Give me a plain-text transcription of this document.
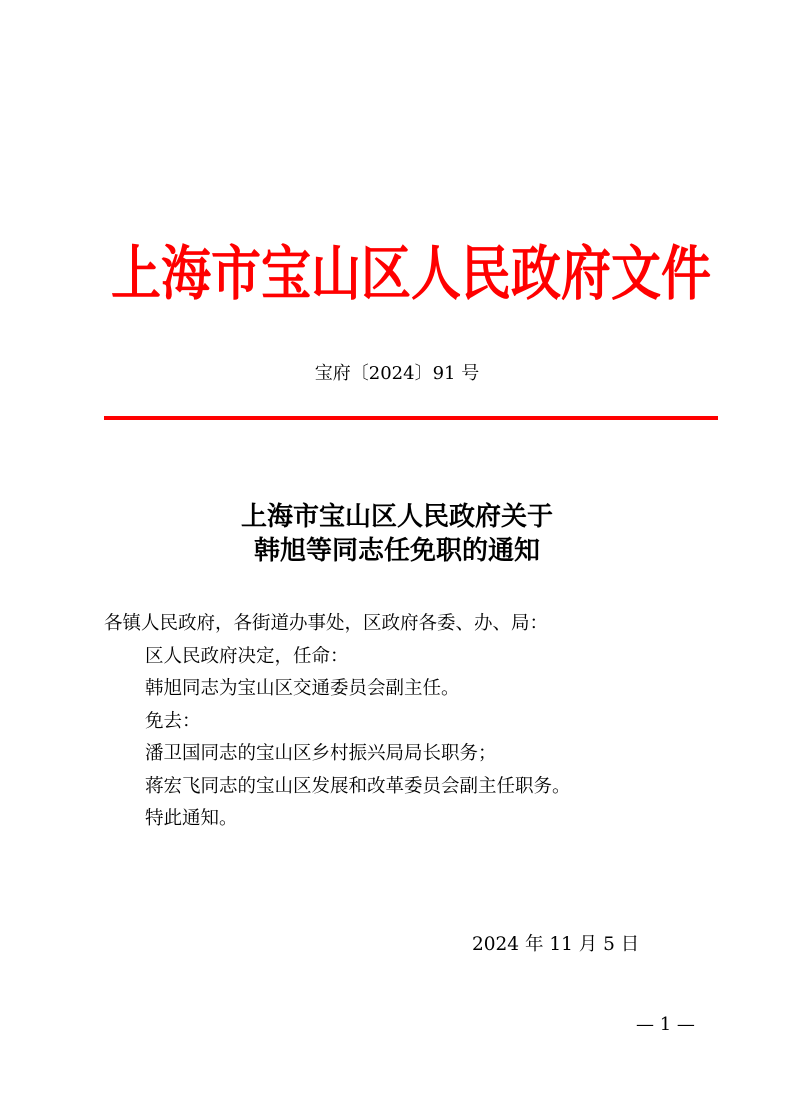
上海市宝山区人民政府文件
宝府〔2024〕91 号
上海市宝山区人民政府关于
韩旭等同志任免职的通知

各镇人民政府，各街道办事处，区政府各委、办、局：

区人民政府决定，任命：

韩旭同志为宝山区交通委员会副主任。

免去：

潘卫国同志的宝山区乡村振兴局局长职务；

蒋宏飞同志的宝山区发展和改革委员会副主任职务。

特此通知。

2024 年 11 月 5 日
— 1 —
